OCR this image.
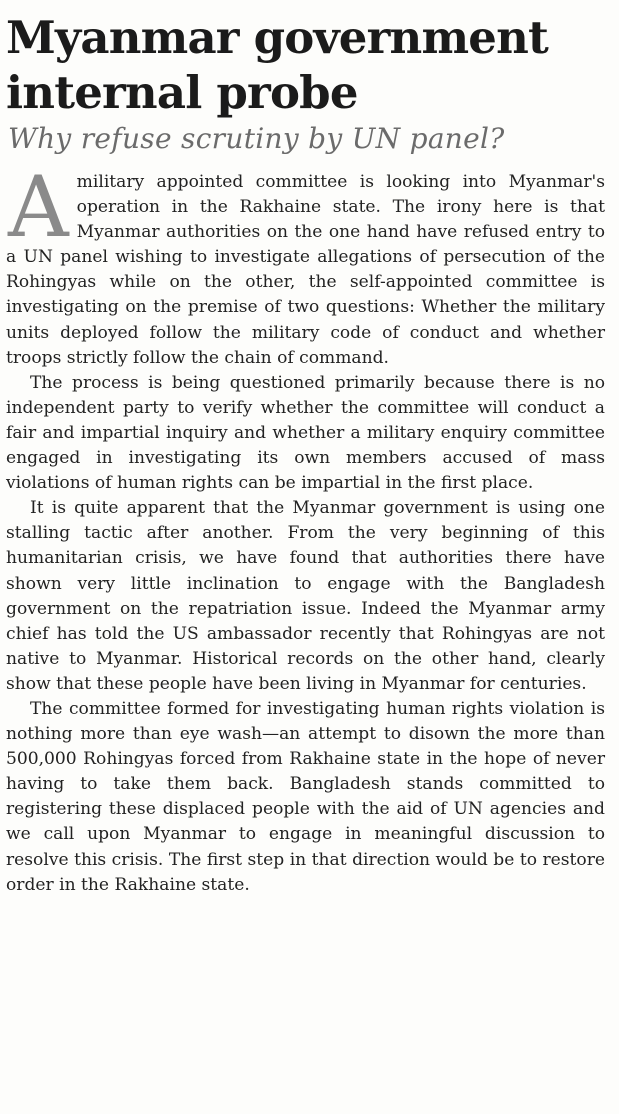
Myanmar government
internal probe
Why refuse scrutiny by UN panel?

A military appointed committee is looking into Myanmar's operation in the Rakhaine state. The irony here is that Myanmar authorities on the one hand have refused entry to a UN panel wishing to investigate allegations of persecution of the Rohingyas while on the other, the self-appointed committee is investigating on the premise of two questions: Whether the military units deployed follow the military code of conduct and whether troops strictly follow the chain of command.

The process is being questioned primarily because there is no independent party to verify whether the committee will conduct a fair and impartial inquiry and whether a military enquiry committee engaged in investigating its own members accused of mass violations of human rights can be impartial in the first place.

It is quite apparent that the Myanmar government is using one stalling tactic after another. From the very beginning of this humanitarian crisis, we have found that authorities there have shown very little inclination to engage with the Bangladesh government on the repatriation issue. Indeed the Myanmar army chief has told the US ambassador recently that Rohingyas are not native to Myanmar. Historical records on the other hand, clearly show that these people have been living in Myanmar for centuries.

The committee formed for investigating human rights violation is nothing more than eye wash—an attempt to disown the more than 500,000 Rohingyas forced from Rakhaine state in the hope of never having to take them back. Bangladesh stands committed to registering these displaced people with the aid of UN agencies and we call upon Myanmar to engage in meaningful discussion to resolve this crisis. The first step in that direction would be to restore order in the Rakhaine state.
